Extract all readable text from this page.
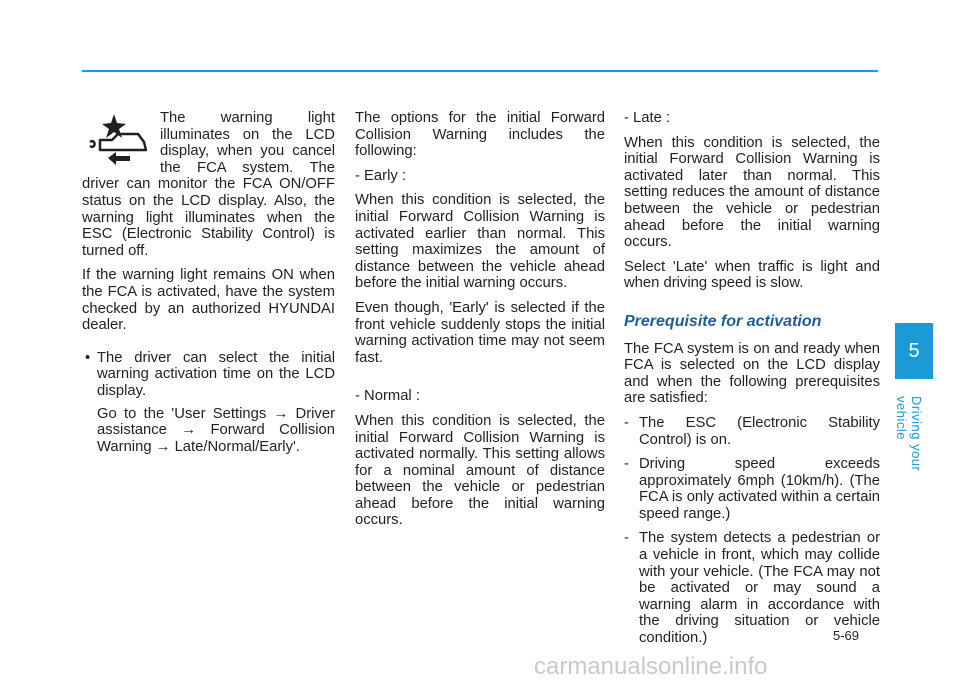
The warning light illuminates on the LCD display, when you cancel the FCA system. The driver can monitor the FCA ON/OFF status on the LCD display. Also, the warning light illuminates when the ESC (Electronic Stability Control) is turned off.

If the warning light remains ON when the FCA is activated, have the system checked by an authorized HYUNDAI dealer.

• The driver can select the initial warning activation time on the LCD display.

Go to the 'User Settings → Driver assistance → Forward Collision Warning → Late/Normal/Early'.

The options for the initial Forward Collision Warning includes the following:

- Early :

When this condition is selected, the initial Forward Collision Warning is activated earlier than normal. This setting maximizes the amount of distance between the vehicle ahead before the initial warning occurs.

Even though, 'Early' is selected if the front vehicle suddenly stops the initial warning activation time may not seem fast.

- Normal :

When this condition is selected, the initial Forward Collision Warning is activated normally. This setting allows for a nominal amount of distance between the vehicle or pedestrian ahead before the initial warning occurs.

- Late :

When this condition is selected, the initial Forward Collision Warning is activated later than normal. This setting reduces the amount of distance between the vehicle or pedestrian ahead before the initial warning occurs.

Select 'Late' when traffic is light and when driving speed is slow.

Prerequisite for activation

The FCA system is on and ready when FCA is selected on the LCD display and when the following prerequisites are satisfied:

- The ESC (Electronic Stability Control) is on.
- Driving speed exceeds approximately 6mph (10km/h). (The FCA is only activated within a certain speed range.)
- The system detects a pedestrian or a vehicle in front, which may collide with your vehicle. (The FCA may not be activated or may sound a warning alarm in accordance with the driving situation or vehicle condition.)
5
Driving your vehicle
5-69
carmanualsonline.info
